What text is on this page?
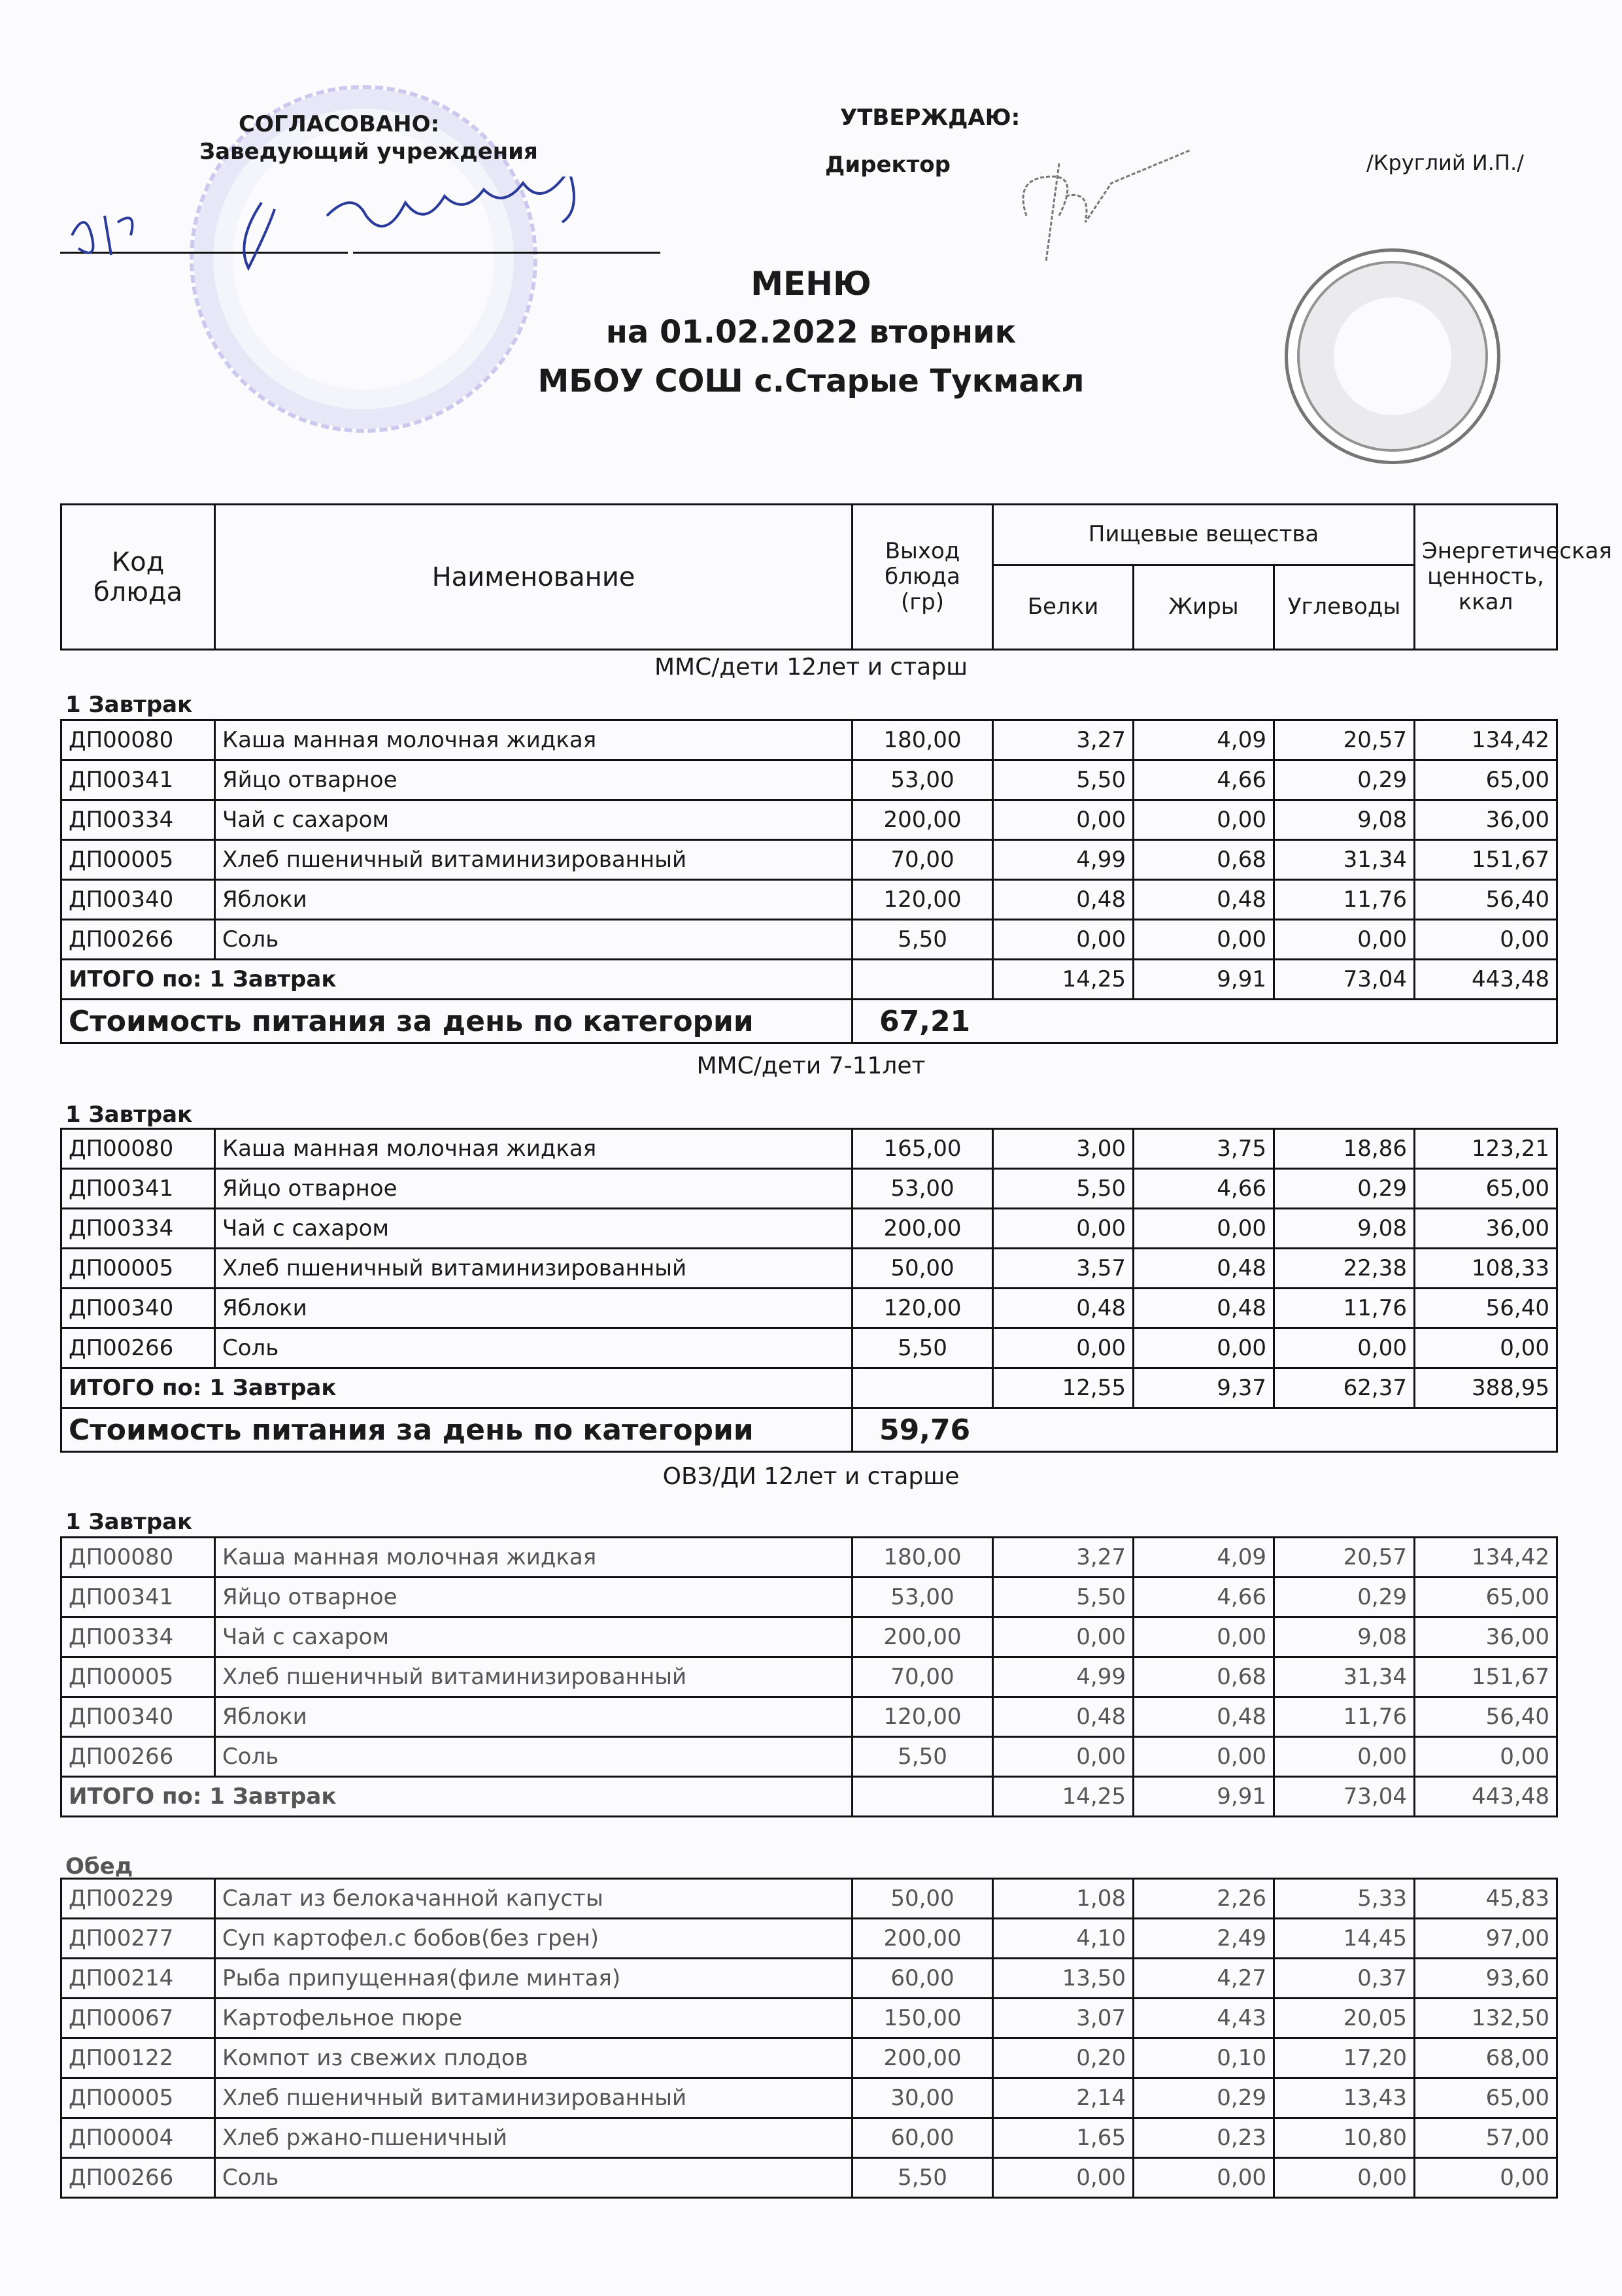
СОГЛАСОВАНО:
Заведующий учреждения
УТВЕРЖДАЮ:
Директор	/Круглий И.П./
МЕНЮ
на 01.02.2022 вторник
МБОУ СОШ с.Старые Тукмакл
Код блюда	Наименование	Выход блюда (гр)	Пищевые вещества			Энергетическая ценность, ккал
			Белки	Жиры	Углеводы	
ММС/дети 12лет и старш
1 Завтрак
ДП00080	Каша манная молочная жидкая	180,00	3,27	4,09	20,57	134,42
ДП00341	Яйцо отварное	53,00	5,50	4,66	0,29	65,00
ДП00334	Чай с сахаром	200,00	0,00	0,00	9,08	36,00
ДП00005	Хлеб пшеничный витаминизированный	70,00	4,99	0,68	31,34	151,67
ДП00340	Яблоки	120,00	0,48	0,48	11,76	56,40
ДП00266	Соль	5,50	0,00	0,00	0,00	0,00
ИТОГО по: 1 Завтрак			14,25	9,91	73,04	443,48
Стоимость питания за день по категории		67,21				
ММС/дети 7-11лет
1 Завтрак
ДП00080	Каша манная молочная жидкая	165,00	3,00	3,75	18,86	123,21
ДП00341	Яйцо отварное	53,00	5,50	4,66	0,29	65,00
ДП00334	Чай с сахаром	200,00	0,00	0,00	9,08	36,00
ДП00005	Хлеб пшеничный витаминизированный	50,00	3,57	0,48	22,38	108,33
ДП00340	Яблоки	120,00	0,48	0,48	11,76	56,40
ДП00266	Соль	5,50	0,00	0,00	0,00	0,00
ИТОГО по: 1 Завтрак			12,55	9,37	62,37	388,95
Стоимость питания за день по категории		59,76				
ОВЗ/ДИ 12лет и старше
1 Завтрак
ДП00080	Каша манная молочная жидкая	180,00	3,27	4,09	20,57	134,42
ДП00341	Яйцо отварное	53,00	5,50	4,66	0,29	65,00
ДП00334	Чай с сахаром	200,00	0,00	0,00	9,08	36,00
ДП00005	Хлеб пшеничный витаминизированный	70,00	4,99	0,68	31,34	151,67
ДП00340	Яблоки	120,00	0,48	0,48	11,76	56,40
ДП00266	Соль	5,50	0,00	0,00	0,00	0,00
ИТОГО по: 1 Завтрак			14,25	9,91	73,04	443,48
Обед
ДП00229	Салат из белокачанной капусты	50,00	1,08	2,26	5,33	45,83
ДП00277	Суп картофел.с бобов(без грен)	200,00	4,10	2,49	14,45	97,00
ДП00214	Рыба припущенная(филе минтая)	60,00	13,50	4,27	0,37	93,60
ДП00067	Картофельное пюре	150,00	3,07	4,43	20,05	132,50
ДП00122	Компот из свежих плодов	200,00	0,20	0,10	17,20	68,00
ДП00005	Хлеб пшеничный витаминизированный	30,00	2,14	0,29	13,43	65,00
ДП00004	Хлеб ржано-пшеничный	60,00	1,65	0,23	10,80	57,00
ДП00266	Соль	5,50	0,00	0,00	0,00	0,00
